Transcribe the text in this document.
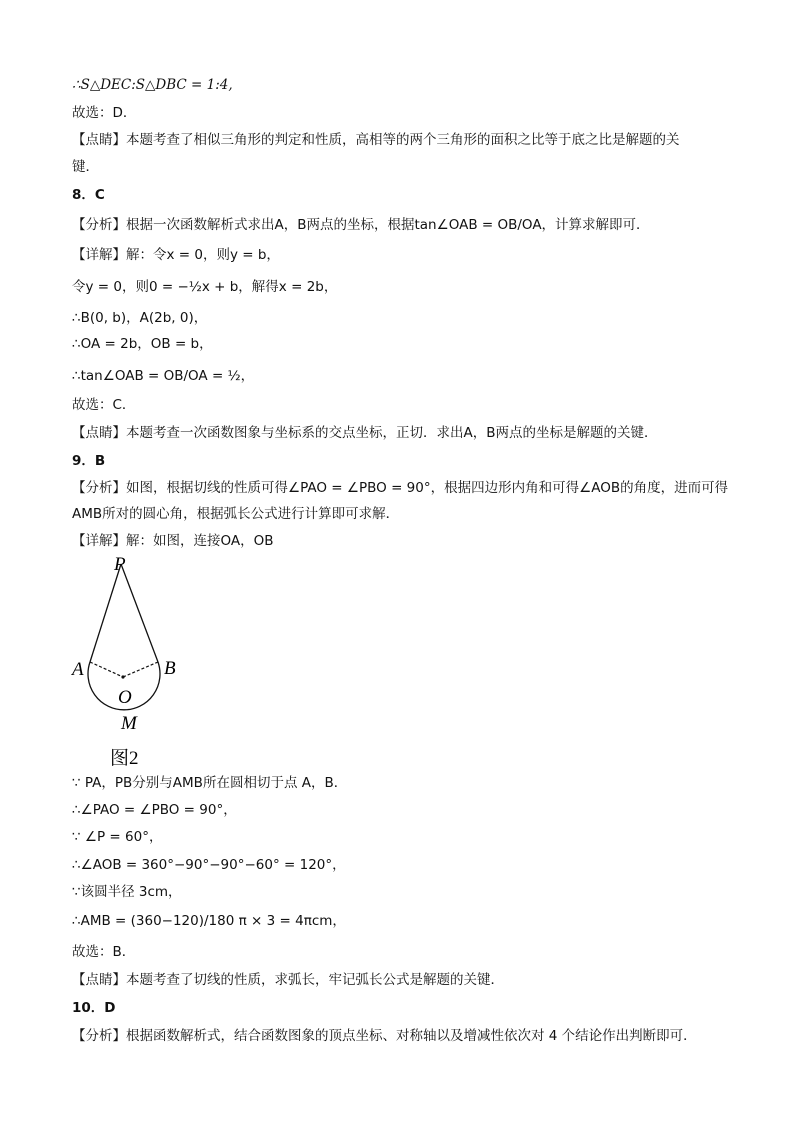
∴S△DEC:S△DBC = 1:4,
故选：D．
【点睛】本题考查了相似三角形的判定和性质，高相等的两个三角形的面积之比等于底之比是解题的关
键．
8．C
【分析】根据一次函数解析式求出A，B两点的坐标，根据tan∠OAB = OB/OA，计算求解即可．
【详解】解：令x = 0，则y = b，
令y = 0，则0 = −½x + b，解得x = 2b，
∴B(0, b)，A(2b, 0)，
∴OA = 2b，OB = b，
∴tan∠OAB = OB/OA = ½，
故选：C．
【点睛】本题考查一次函数图象与坐标系的交点坐标，正切．求出A，B两点的坐标是解题的关键．
9．B
【分析】如图，根据切线的性质可得∠PAO = ∠PBO = 90°，根据四边形内角和可得∠AOB的角度，进而可得
AMB所对的圆心角，根据弧长公式进行计算即可求解．
【详解】解：如图，连接OA，OB
P
A	B
O
M
图2
∵ PA，PB分别与AMB所在圆相切于点 A，B．
∴∠PAO = ∠PBO = 90°，
∵ ∠P = 60°，
∴∠AOB = 360°−90°−90°−60° = 120°，
∵该圆半径 3cm，
∴AMB = (360−120)/180 π × 3 = 4πcm，
故选：B．
【点睛】本题考查了切线的性质，求弧长，牢记弧长公式是解题的关键．
10．D
【分析】根据函数解析式，结合函数图象的顶点坐标、对称轴以及增减性依次对 4 个结论作出判断即可．
